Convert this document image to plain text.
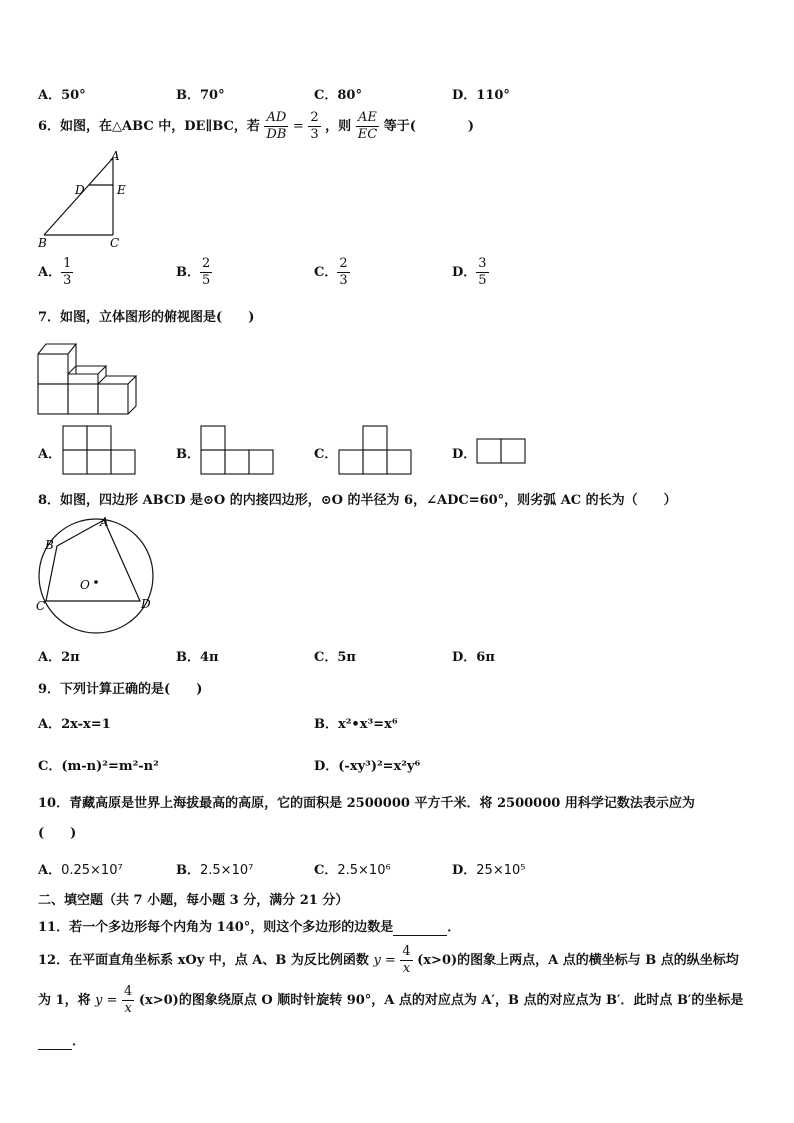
A．50°	B．70°	C．80°	D．110°
6．如图，在△ABC 中，DE∥BC，若 $\frac{AD}{DB} = \frac{2}{3}$ ，则 $\frac{AE}{EC}$ 等于(　　　　)
A
D	E
B	C
A． $\frac{1}{3}$	B． $\frac{2}{5}$	C． $\frac{2}{3}$	D． $\frac{3}{5}$
7．如图，立体图形的俯视图是(　　)
A．	B．	C．	D．
8．如图，四边形 ABCD 是⊙O 的内接四边形，⊙O 的半径为 6，∠ADC=60°，则劣弧 AC 的长为（　　）
A
B
C	D
O
A．2π	B．4π	C．5π	D．6π
9．下列计算正确的是(　　)
A．2x-x=1	B．x²•x³=x⁶
C．(m-n)²=m²-n²	D．(-xy³)²=x²y⁶
10．青藏高原是世界上海拔最高的高原，它的面积是 2500000 平方千米．将 2500000 用科学记数法表示应为
(　　)
A．0.25×10⁷	B．2.5×10⁷	C．2.5×10⁶	D．25×10⁵
二、填空题（共 7 小题，每小题 3 分，满分 21 分）
11．若一个多边形每个内角为 140°，则这个多边形的边数是	．
12．在平面直角坐标系 xOy 中，点 A、B 为反比例函数 $y = \frac{4}{x} (x>0)$的图象上两点，A 点的横坐标与 B 点的纵坐标均
为 1，将 $y = \frac{4}{x} (x>0)$的图象绕原点 O 顺时针旋转 90°，A 点的对应点为 A′，B 点的对应点为 B′．此时点 B′的坐标是
．
